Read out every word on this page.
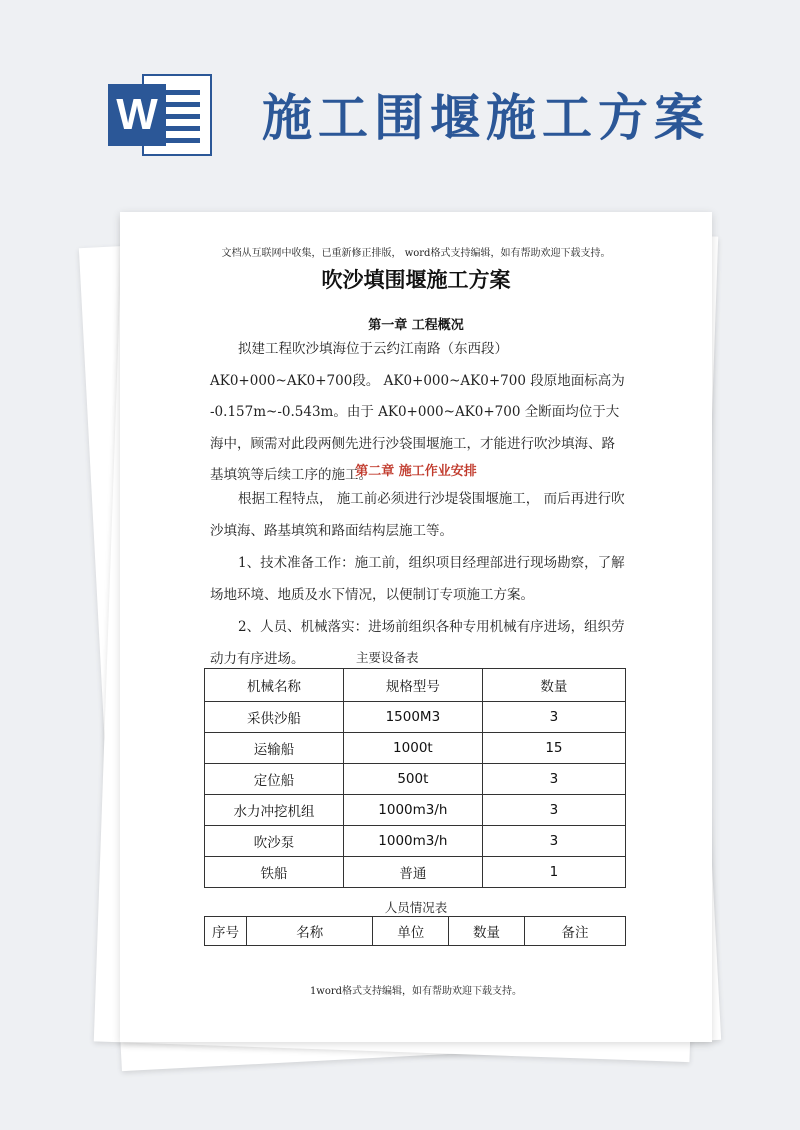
W 施工围堰施工方案
文档从互联网中收集，已重新修正排版， word格式支持编辑，如有帮助欢迎下载支持。
吹沙填围堰施工方案
第一章 工程概况

拟建工程吹沙填海位于云约江南路（东西段）AK0+000~AK0+700段。 AK0+000~AK0+700 段原地面标高为 -0.157m~-0.543m。由于 AK0+000~AK0+700 全断面均位于大海中，顾需对此段两侧先进行沙袋围堰施工，才能进行吹沙填海、路基填筑等后续工序的施工。

第二章 施工作业安排

根据工程特点， 施工前必须进行沙堤袋围堰施工， 而后再进行吹沙填海、路基填筑和路面结构层施工等。

1、技术准备工作：施工前，组织项目经理部进行现场勘察，了解场地环境、地质及水下情况，以便制订专项施工方案。

2、人员、机械落实：进场前组织各种专用机械有序进场，组织劳动力有序进场。	主要设备表
机械名称	规格型号	数量
采供沙船	1500M3	3
运输船	1000t	15
定位船	500t	3
水力冲挖机组	1000m3/h	3
吹沙泵	1000m3/h	3
铁船	普通	1
人员情况表
序号	名称	单位	数量	备注
1word格式支持编辑，如有帮助欢迎下载支持。
